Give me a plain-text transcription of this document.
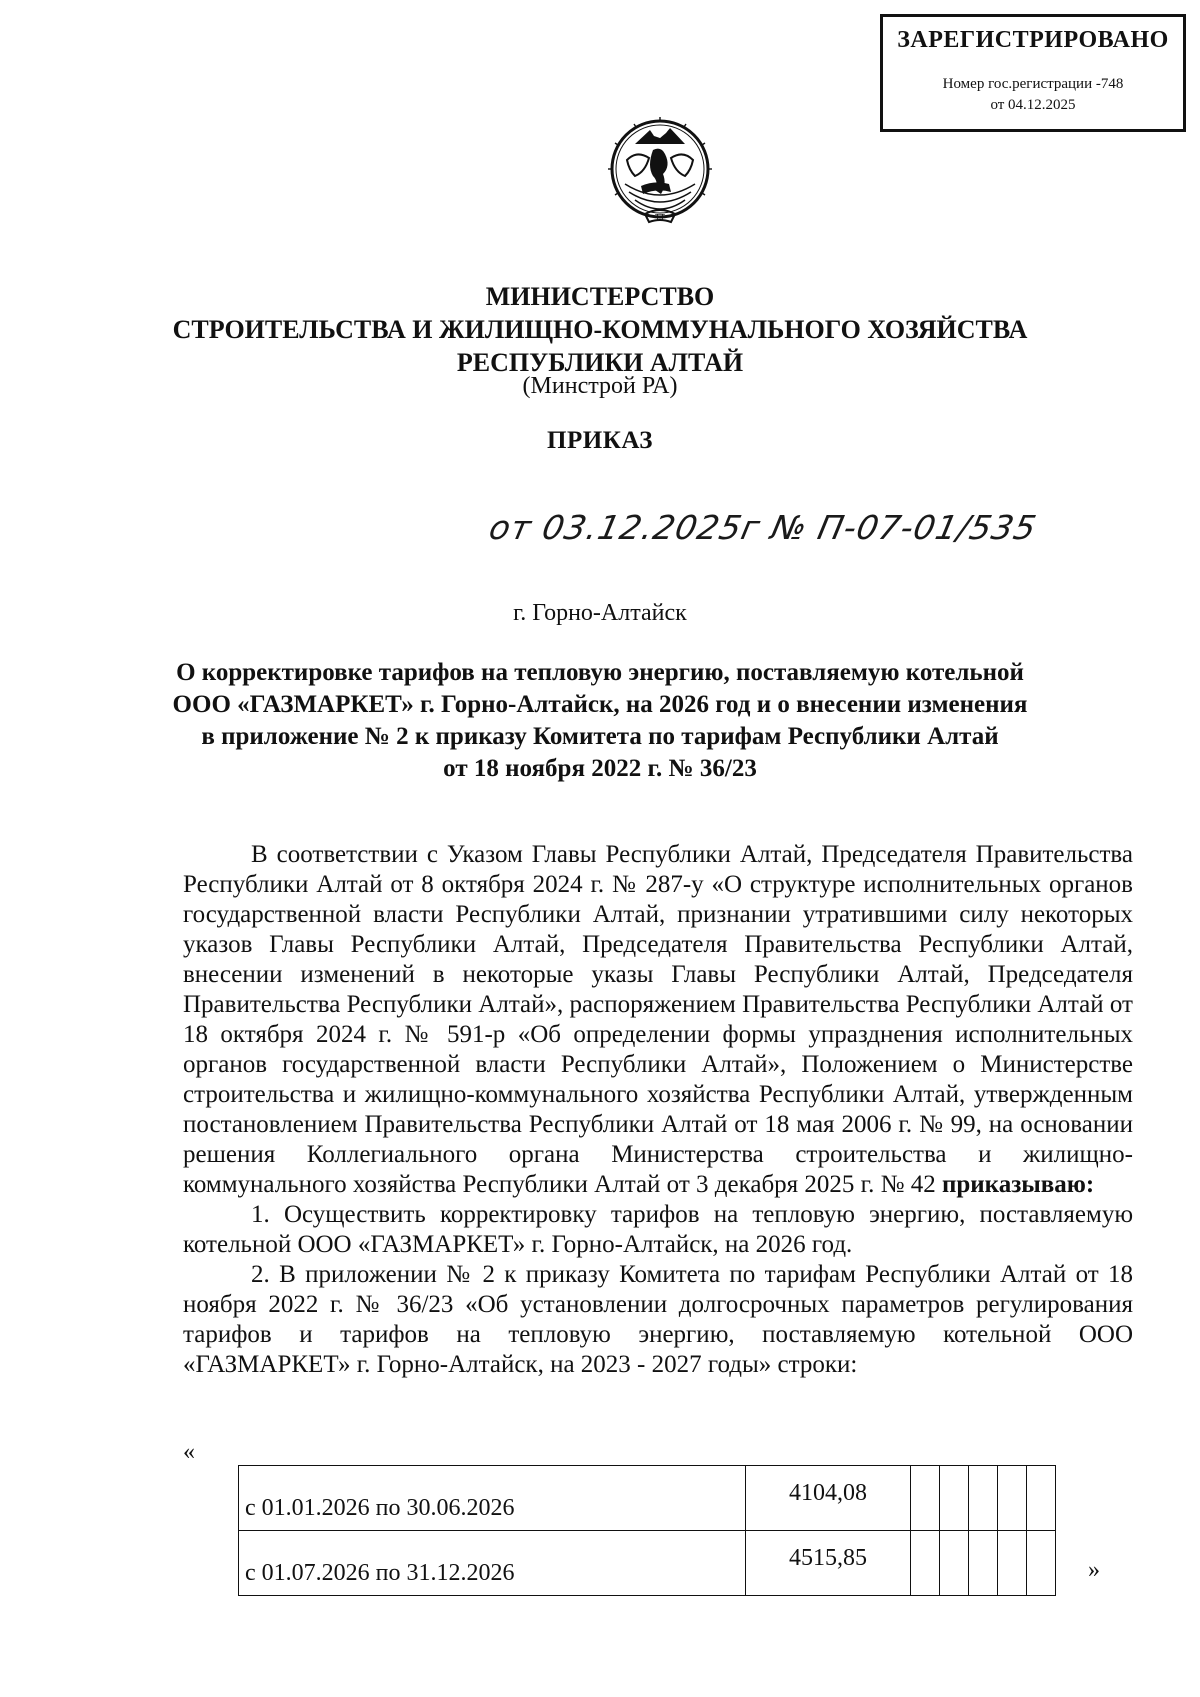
ЗАРЕГИСТРИРОВАНО
Номер гос.регистрации -748
от 04.12.2025
ТТ
МИНИСТЕРСТВО
СТРОИТЕЛЬСТВА И ЖИЛИЩНО-КОММУНАЛЬНОГО ХОЗЯЙСТВА
РЕСПУБЛИКИ АЛТАЙ
(Минстрой РА)
ПРИКАЗ
от 03.12.2025г № П-07-01/535
г. Горно-Алтайск
О корректировке тарифов на тепловую энергию, поставляемую котельной
ООО «ГАЗМАРКЕТ» г. Горно-Алтайск, на 2026 год и о внесении изменения
в приложение № 2 к приказу Комитета по тарифам Республики Алтай
от 18 ноября 2022 г. № 36/23

В соответствии с Указом Главы Республики Алтай, Председателя Правительства Республики Алтай от 8 октября 2024 г. № 287-у «О структуре исполнительных органов государственной власти Республики Алтай, признании утратившими силу некоторых указов Главы Республики Алтай, Председателя Правительства Республики Алтай, внесении изменений в некоторые указы Главы Республики Алтай, Председателя Правительства Республики Алтай», распоряжением Правительства Республики Алтай от 18 октября 2024 г. № 591-р «Об определении формы упразднения исполнительных органов государственной власти Республики Алтай», Положением о Министерстве строительства и жилищно-коммунального хозяйства Республики Алтай, утвержденным постановлением Правительства Республики Алтай от 18 мая 2006 г. № 99, на основании решения Коллегиального органа Министерства строительства и жилищно-коммунального хозяйства Республики Алтай от 3 декабря 2025 г. № 42 приказываю:

1. Осуществить корректировку тарифов на тепловую энергию, поставляемую котельной ООО «ГАЗМАРКЕТ» г. Горно-Алтайск, на 2026 год.

2. В приложении № 2 к приказу Комитета по тарифам Республики Алтай от 18 ноября 2022 г. № 36/23 «Об установлении долгосрочных параметров регулирования тарифов и тарифов на тепловую энергию, поставляемую котельной ООО «ГАЗМАРКЕТ» г. Горно-Алтайск, на 2023 - 2027 годы» строки:

«
с 01.01.2026 по 30.06.2026	4104,08					
с 01.07.2026 по 31.12.2026	4515,85						»
